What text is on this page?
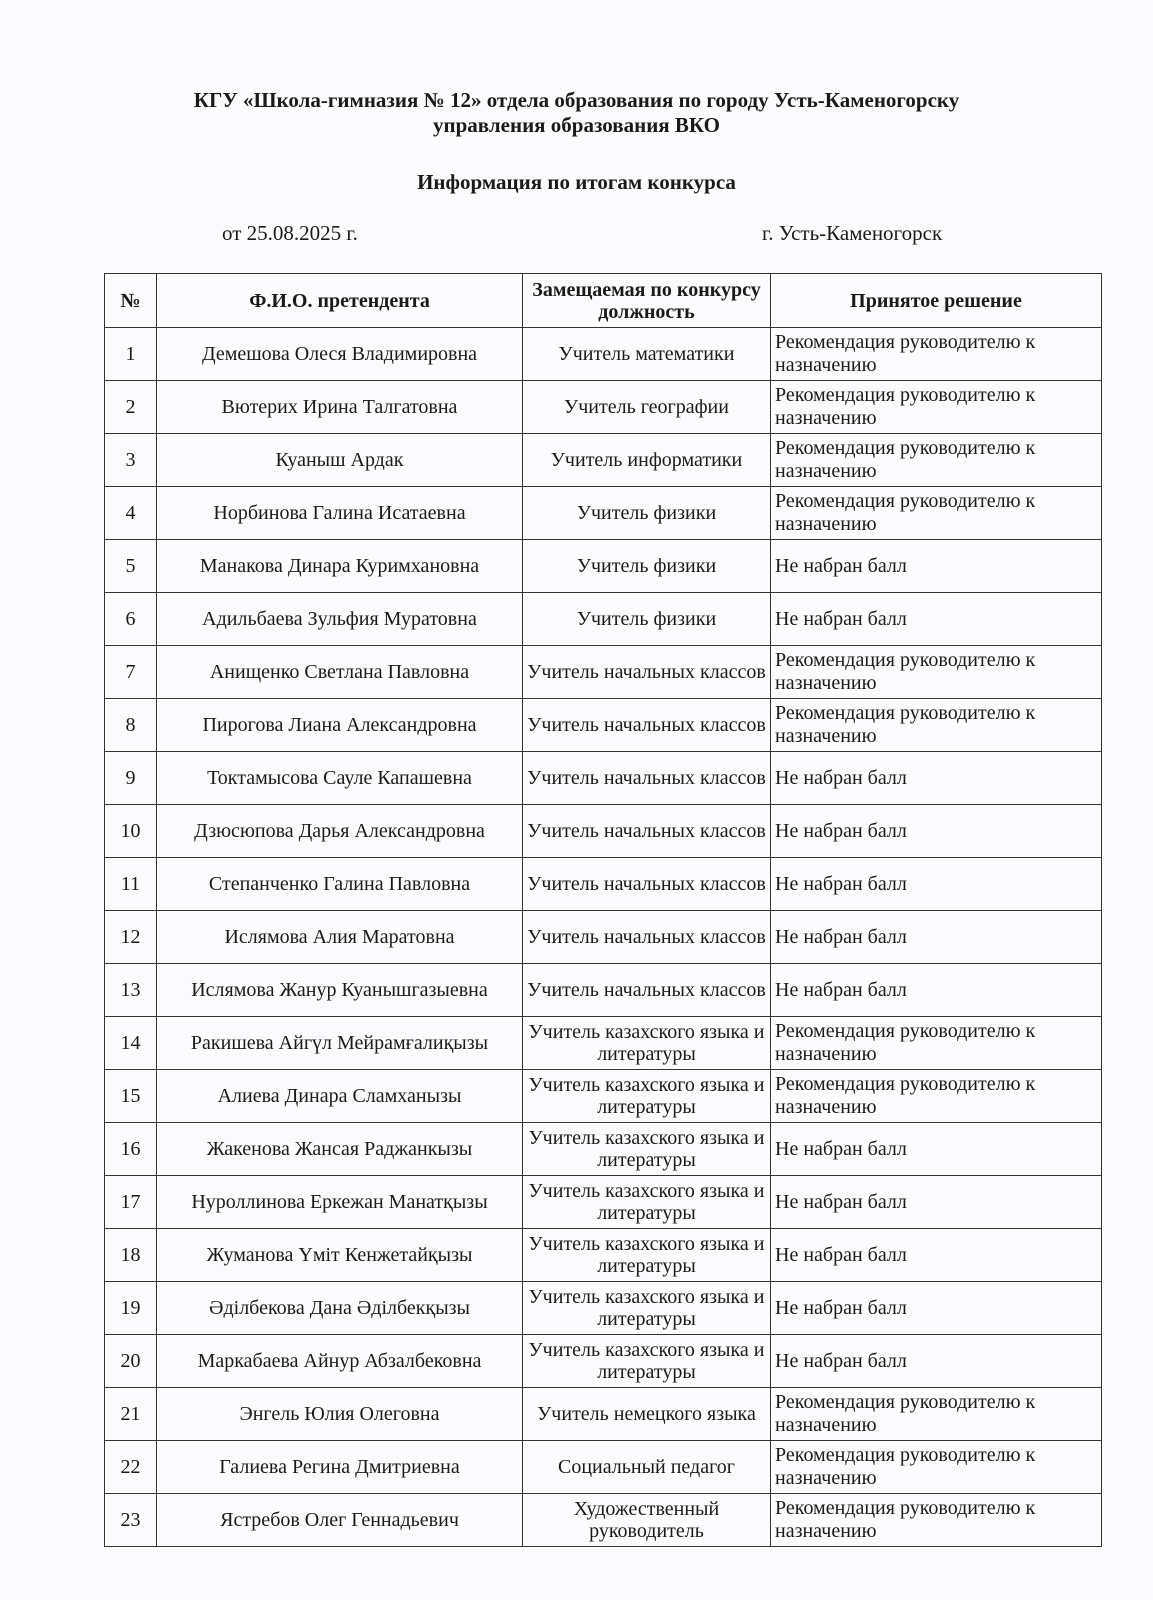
КГУ «Школа-гимназия № 12» отдела образования по городу Усть-Каменогорску
управления образования ВКО
Информация по итогам конкурса
от 25.08.2025 г.	г. Усть-Каменогорск
№	Ф.И.О. претендента	Замещаемая по конкурсу должность	Принятое решение
1	Демешова Олеся Владимировна	Учитель математики	Рекомендация руководителю к назначению
2	Вютерих Ирина Талгатовна	Учитель географии	Рекомендация руководителю к назначению
3	Куаныш Ардак	Учитель информатики	Рекомендация руководителю к назначению
4	Норбинова Галина Исатаевна	Учитель физики	Рекомендация руководителю к назначению
5	Манакова Динара Куримхановна	Учитель физики	Не набран балл
6	Адильбаева Зульфия Муратовна	Учитель физики	Не набран балл
7	Анищенко Светлана Павловна	Учитель начальных классов	Рекомендация руководителю к назначению
8	Пирогова Лиана Александровна	Учитель начальных классов	Рекомендация руководителю к назначению
9	Токтамысова Сауле Капашевна	Учитель начальных классов	Не набран балл
10	Дзюсюпова Дарья Александровна	Учитель начальных классов	Не набран балл
11	Степанченко Галина Павловна	Учитель начальных классов	Не набран балл
12	Ислямова Алия Маратовна	Учитель начальных классов	Не набран балл
13	Ислямова Жанур Куанышгазыевна	Учитель начальных классов	Не набран балл
14	Ракишева Айгүл Мейрамғалиқызы	Учитель казахского языка и литературы	Рекомендация руководителю к назначению
15	Алиева Динара Сламханызы	Учитель казахского языка и литературы	Рекомендация руководителю к назначению
16	Жакенова Жансая Раджанкызы	Учитель казахского языка и литературы	Не набран балл
17	Нуроллинова Еркежан Манатқызы	Учитель казахского языка и литературы	Не набран балл
18	Жуманова Үміт Кенжетайқызы	Учитель казахского языка и литературы	Не набран балл
19	Әділбекова Дана Әділбекқызы	Учитель казахского языка и литературы	Не набран балл
20	Маркабаева Айнур Абзалбековна	Учитель казахского языка и литературы	Не набран балл
21	Энгель Юлия Олеговна	Учитель немецкого языка	Рекомендация руководителю к назначению
22	Галиева Регина Дмитриевна	Социальный педагог	Рекомендация руководителю к назначению
23	Ястребов Олег Геннадьевич	Художественный руководитель	Рекомендация руководителю к назначению
